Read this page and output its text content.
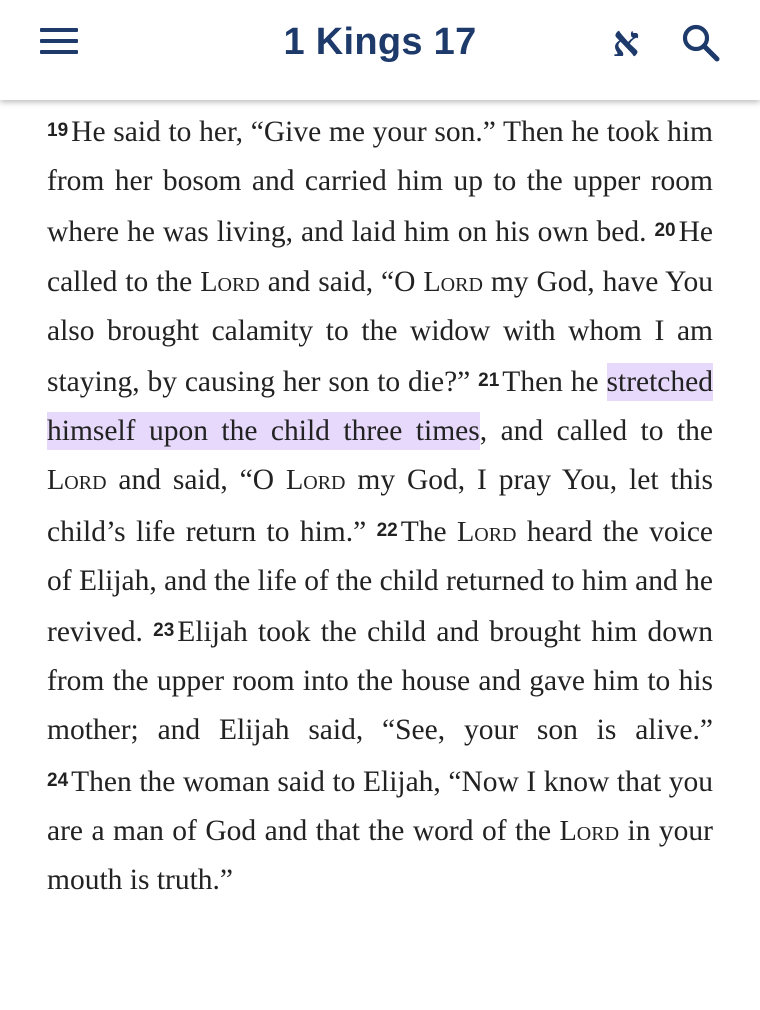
1 Kings 17	א
19 He said to her, “Give me your son.” Then he took him from her bosom and carried him up to the upper room where he was living, and laid him on his own bed. 20 He called to the Lord and said, “O Lord my God, have You also brought calamity to the widow with whom I am staying, by causing her son to die?” 21 Then he stretched himself upon the child three times, and called to the Lord and said, “O Lord my God, I pray You, let this child’s life return to him.” 22 The Lord heard the voice of Elijah, and the life of the child returned to him and he revived. 23 Elijah took the child and brought him down from the upper room into the house and gave him to his mother; and Elijah said, “See, your son is alive.” 24 Then the woman said to Elijah, “Now I know that you are a man of God and that the word of the Lord in your mouth is truth.”
